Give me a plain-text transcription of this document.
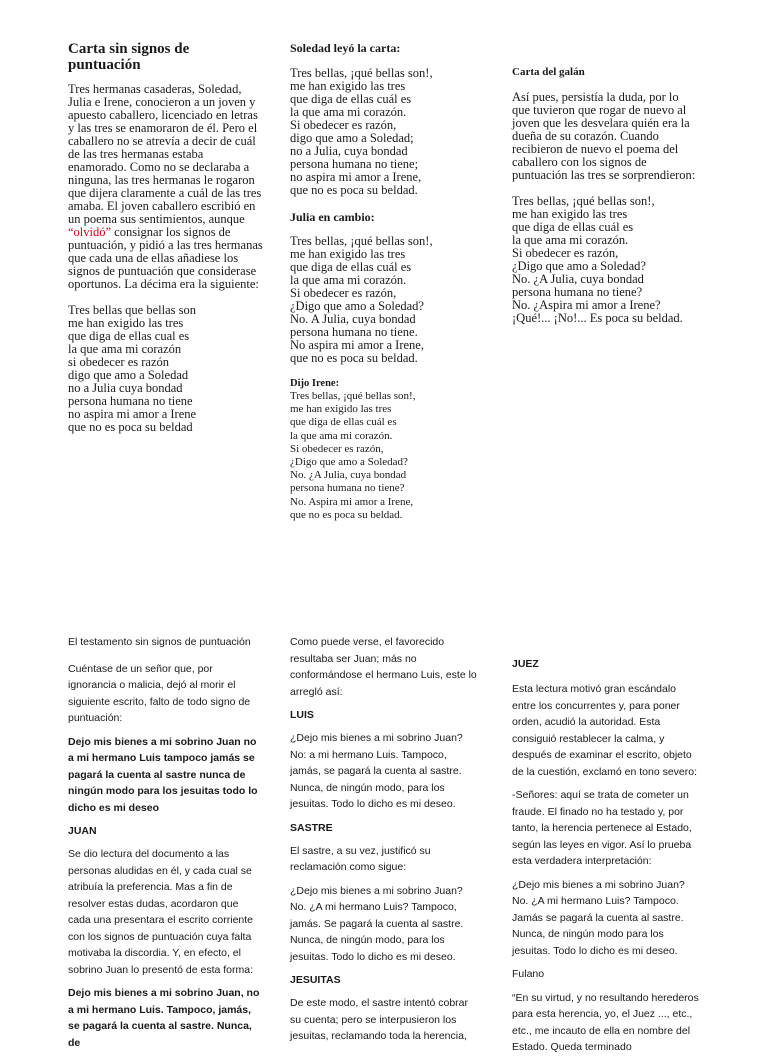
Carta sin signos de puntuación

Tres hermanas casaderas, Soledad, Julia e Irene, conocieron a un joven y apuesto caballero, licenciado en letras y las tres se enamoraron de él. Pero el caballero no se atrevía a decir de cuál de las tres hermanas estaba enamorado. Como no se declaraba a ninguna, las tres hermanas le rogaron que dijera claramente a cuál de las tres amaba. El joven caballero escribió en un poema sus sentimientos, aunque “olvidó” consignar los signos de puntuación, y pidió a las tres hermanas que cada una de ellas añadiese los signos de puntuación que considerase oportunos. La décima era la siguiente:

Tres bellas que bellas son
me han exigido las tres
que diga de ellas cual es
la que ama mi corazón
si obedecer es razón
digo que amo a Soledad
no a Julia cuya bondad
persona humana no tiene
no aspira mi amor a Irene
que no es poca su beldad

Soledad leyó la carta:

Tres bellas, ¡qué bellas son!,
me han exigido las tres
que diga de ellas cuál es
la que ama mi corazón.
Si obedecer es razón,
digo que amo a Soledad;
no a Julia, cuya bondad
persona humana no tiene;
no aspira mi amor a Irene,
que no es poca su beldad.

Julia en cambio:

Tres bellas, ¡qué bellas son!,
me han exigido las tres
que diga de ellas cuál es
la que ama mi corazón.
Si obedecer es razón,
¿Digo que amo a Soledad?
No. A Julia, cuya bondad
persona humana no tiene.
No aspira mi amor a Irene,
que no es poca su beldad.

Dijo Irene:

Tres bellas, ¡qué bellas son!,
me han exigido las tres
que diga de ellas cuál es
la que ama mi corazón.
Si obedecer es razón,
¿Digo que amo a Soledad?
No. ¿A Julia, cuya bondad
persona humana no tiene?
No. Aspira mi amor a Irene,
que no es poca su beldad.

Carta del galán

Así pues, persistía la duda, por lo que tuvieron que rogar de nuevo al joven que les desvelara quién era la dueña de su corazón. Cuando recibieron de nuevo el poema del caballero con los signos de puntuación las tres se sorprendieron:

Tres bellas, ¡qué bellas son!,
me han exigido las tres
que diga de ellas cuál es
la que ama mi corazón.
Si obedecer es razón,
¿Digo que amo a Soledad?
No. ¿A Julia, cuya bondad
persona humana no tiene?
No. ¿Aspira mi amor a Irene?
¡Qué!... ¡No!... Es poca su beldad.

El testamento sin signos de puntuación

Cuéntase de un señor que, por ignorancia o malicia, dejó al morir el siguiente escrito, falto de todo signo de puntuación:

Dejo mis bienes a mi sobrino Juan no a mi hermano Luis tampoco jamás se pagará la cuenta al sastre nunca de ningún modo para los jesuitas todo lo dicho es mi deseo

JUAN

Se dio lectura del documento a las personas aludidas en él, y cada cual se atribuía la preferencia. Mas a fin de resolver estas dudas, acordaron que cada una presentara el escrito corriente con los signos de puntuación cuya falta motivaba la discordia. Y, en efecto, el sobrino Juan lo presentó de esta forma:

Dejo mis bienes a mi sobrino Juan, no a mi hermano Luis. Tampoco, jamás, se pagará la cuenta al sastre. Nunca, de

Como puede verse, el favorecido resultaba ser Juan; más no conformándose el hermano Luis, este lo arregló así:

LUIS

¿Dejo mis bienes a mi sobrino Juan? No: a mi hermano Luis. Tampoco, jamás, se pagará la cuenta al sastre. Nunca, de ningún modo, para los jesuitas. Todo lo dicho es mi deseo.

SASTRE

El sastre, a su vez, justificó su reclamación como sigue:

¿Dejo mis bienes a mi sobrino Juan? No. ¿A mi hermano Luis? Tampoco, jamás. Se pagará la cuenta al sastre. Nunca, de ningún modo, para los jesuitas. Todo lo dicho es mi deseo.

JESUITAS

De este modo, el sastre intentó cobrar su cuenta; pero se interpusieron los jesuitas, reclamando toda la herencia,

JUEZ

Esta lectura motivó gran escándalo entre los concurrentes y, para poner orden, acudió la autoridad. Esta consiguió restablecer la calma, y después de examinar el escrito, objeto de la cuestión, exclamó en tono severo:

-Señores: aquí se trata de cometer un fraude. El finado no ha testado y, por tanto, la herencia pertenece al Estado, según las leyes en vigor. Así lo prueba esta verdadera interpretación:

¿Dejo mis bienes a mi sobrino Juan? No. ¿A mi hermano Luis? Tampoco. Jamás se pagará la cuenta al sastre. Nunca, de ningún modo para los jesuitas. Todo lo dicho es mi deseo.

Fulano

“En su virtud, y no resultando herederos para esta herencia, yo, el Juez ..., etc., etc., me incauto de ella en nombre del Estado. Queda terminado
